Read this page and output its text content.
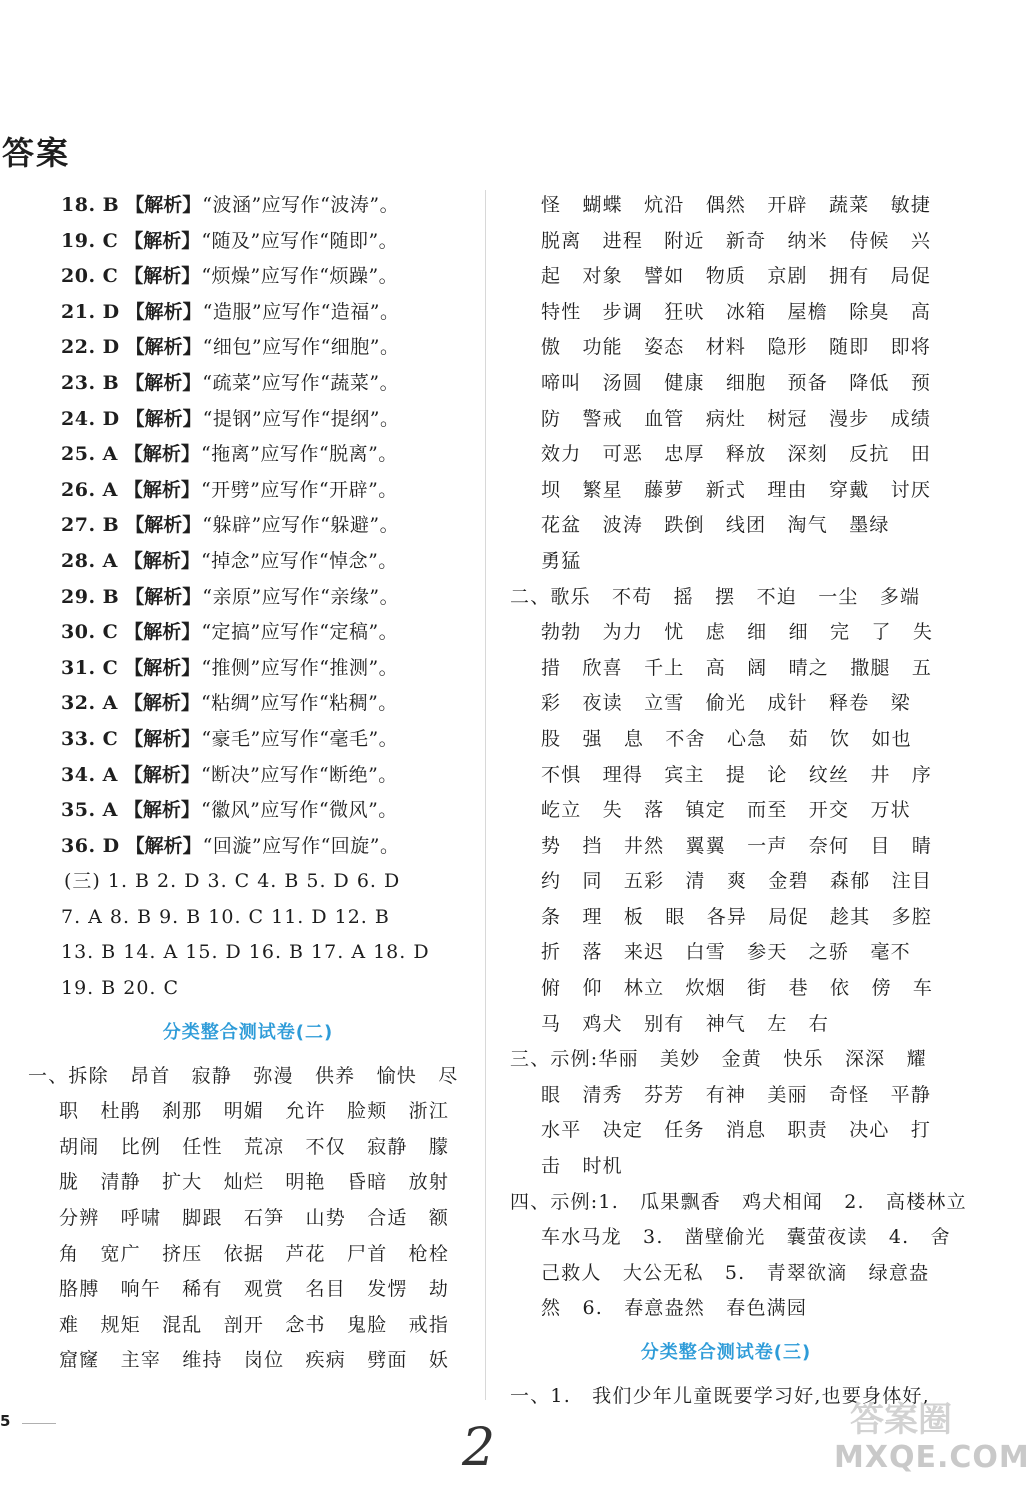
答案
18. B 【解析】“波涵”应写作“波涛”。
19. C 【解析】“随及”应写作“随即”。
20. C 【解析】“烦燥”应写作“烦躁”。
21. D 【解析】“造服”应写作“造福”。
22. D 【解析】“细包”应写作“细胞”。
23. B 【解析】“疏菜”应写作“蔬菜”。
24. D 【解析】“提钢”应写作“提纲”。
25. A 【解析】“拖离”应写作“脱离”。
26. A 【解析】“开劈”应写作“开辟”。
27. B 【解析】“躲辟”应写作“躲避”。
28. A 【解析】“掉念”应写作“悼念”。
29. B 【解析】“亲原”应写作“亲缘”。
30. C 【解析】“定搞”应写作“定稿”。
31. C 【解析】“推侧”应写作“推测”。
32. A 【解析】“粘绸”应写作“粘稠”。
33. C 【解析】“豪毛”应写作“毫毛”。
34. A 【解析】“断决”应写作“断绝”。
35. A 【解析】“徽风”应写作“微风”。
36. D 【解析】“回漩”应写作“回旋”。
(三) 1. B 2. D 3. C 4. B 5. D 6. D
7. A 8. B 9. B 10. C 11. D 12. B
13. B 14. A 15. D 16. B 17. A 18. D
19. B 20. C
分类整合测试卷(二)
一、拆除 昂首 寂静 弥漫 供养 愉快 尽
职 杜鹃 刹那 明媚 允许 脸颊 浙江
胡闹 比例 任性 荒凉 不仅 寂静 朦
胧 清静 扩大 灿烂 明艳 昏暗 放射
分辨 呼啸 脚跟 石笋 山势 合适 额
角 宽广 挤压 依据 芦花 尸首 枪栓
胳膊 响午 稀有 观赏 名目 发愣 劫
难 规矩 混乱 剖开 念书 鬼脸 戒指
窟窿 主宰 维持 岗位 疾病 劈面 妖
怪 蝴蝶 炕沿 偶然 开辟 蔬菜 敏捷
脱离 进程 附近 新奇 纳米 侍候 兴
起 对象 譬如 物质 京剧 拥有 局促
特性 步调 狂吠 冰箱 屋檐 除臭 高
傲 功能 姿态 材料 隐形 随即 即将
啼叫 汤圆 健康 细胞 预备 降低 预
防 警戒 血管 病灶 树冠 漫步 成绩
效力 可恶 忠厚 释放 深刻 反抗 田
坝 繁星 藤萝 新式 理由 穿戴 讨厌
花盆 波涛 跌倒 线团 淘气 墨绿
勇猛
二、歌乐 不苟 摇 摆 不迫 一尘 多端
勃勃 为力 忧 虑 细 细 完 了 失
措 欣喜 千上 高 阔 晴之 撒腿 五
彩 夜读 立雪 偷光 成针 释卷 梁
股 强 息 不舍 心急 茹 饮 如也
不惧 理得 宾主 提 论 纹丝 井 序
屹立 失 落 镇定 而至 开交 万状
势 挡 井然 翼翼 一声 奈何 目 睛
约 同 五彩 清 爽 金碧 森郁 注目
条 理 板 眼 各异 局促 趁其 多腔
折 落 来迟 白雪 参天 之骄 毫不
俯 仰 林立 炊烟 街 巷 依 傍 车
马 鸡犬 别有 神气 左 右
三、示例:华丽 美妙 金黄 快乐 深深 耀
眼 清秀 芬芳 有神 美丽 奇怪 平静
水平 决定 任务 消息 职责 决心 打
击 时机
四、示例:1. 瓜果飘香 鸡犬相闻 2. 高楼林立
车水马龙 3. 凿壁偷光 囊萤夜读 4. 舍
己救人 大公无私 5. 青翠欲滴 绿意盎
然 6. 春意盎然 春色满园
分类整合测试卷(三)
一、1. 我们少年儿童既要学习好,也要身体好,
5	2	答案圈
MXQE.COM
